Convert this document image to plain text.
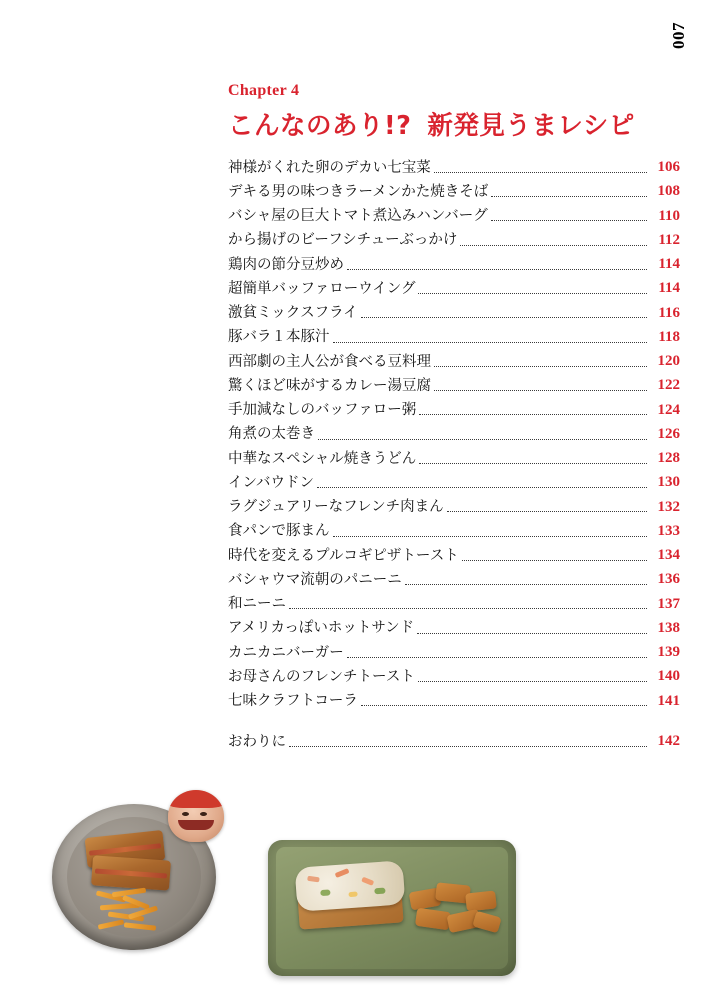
007
Chapter 4
こんなのあり!? 新発見うまレシピ
神様がくれた卵のデカい七宝菜	106
デキる男の味つきラーメンかた焼きそば	108
バシャ屋の巨大トマト煮込みハンバーグ	110
から揚げのビーフシチューぶっかけ	112
鶏肉の節分豆炒め	114
超簡単バッファローウイング	114
激貧ミックスフライ	116
豚バラ１本豚汁	118
西部劇の主人公が食べる豆料理	120
驚くほど味がするカレー湯豆腐	122
手加減なしのバッファロー粥	124
角煮の太巻き	126
中華なスペシャル焼きうどん	128
インバウドン	130
ラグジュアリーなフレンチ肉まん	132
食パンで豚まん	133
時代を変えるプルコギピザトースト	134
バシャウマ流朝のパニーニ	136
和ニーニ	137
アメリカっぽいホットサンド	138
カニカニバーガー	139
お母さんのフレンチトースト	140
七味クラフトコーラ	141
おわりに	142
